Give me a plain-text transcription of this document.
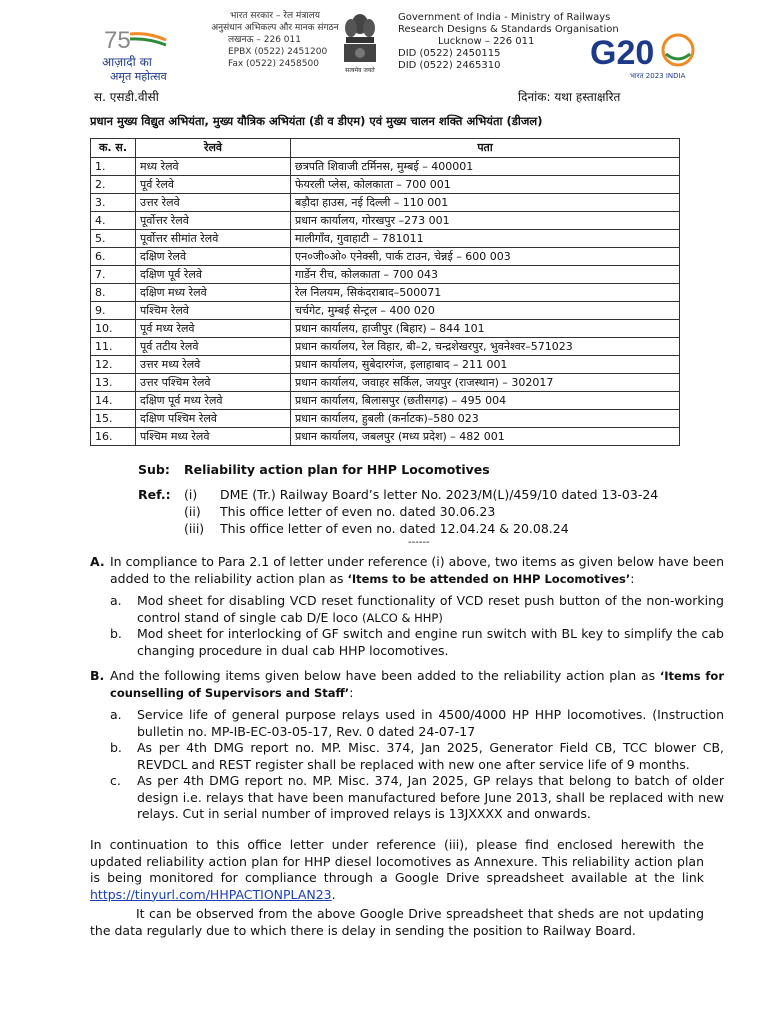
75
आज़ादी का
अमृत महोत्सव
भारत सरकार – रेल मंत्रालय
अनुसंधान अभिकल्प और मानक संगठन
लखनऊ – 226 011
EPBX (0522) 2451200
Fax (0522) 2458500
सत्यमेव जयते
Government of India - Ministry of Railways
Research Designs & Standards Organisation
Lucknow – 226 011
DID (0522) 2450115
DID (0522) 2465310	G20
भारत 2023 INDIA
स. एसडी.वीसी	दिनांक: यथा हस्ताक्षरित
प्रधान मुख्य विद्युत अभियंता, मुख्य यौत्रिक अभियंता (डी व डीएम) एवं मुख्य चालन शक्ति अभियंता (डीजल)
क. स.	रेलवे	पता
1.	मध्य रेलवे	छत्रपति शिवाजी टर्मिनस, मुम्बई – 400001
2.	पूर्व रेलवे	फेयरली प्लेस, कोलकाता – 700 001
3.	उत्तर रेलवे	बड़ौदा हाउस, नई दिल्ली – 110 001
4.	पूर्वोत्तर रेलवे	प्रधान कार्यालय, गोरखपुर –273 001
5.	पूर्वोत्तर सीमांत रेलवे	मालीगाँव, गुवाहाटी – 781011
6.	दक्षिण रेलवे	एन०जी०ओ० एनेक्सी, पार्क टाउन, चेन्नई – 600 003
7.	दक्षिण पूर्व रेलवे	गार्डेन रीच, कोलकाता – 700 043
8.	दक्षिण मध्य रेलवे	रेल निलयम, सिकंदराबाद–500071
9.	पश्चिम रेलवे	चर्चगेट, मुम्बई सेन्ट्रल – 400 020
10.	पूर्व मध्य रेलवे	प्रधान कार्यालय, हाजीपुर (बिहार) – 844 101
11.	पूर्व तटीय रेलवे	प्रधान कार्यालय, रेल विहार, बी–2, चन्द्रशेखरपुर, भुवनेश्वर–571023
12.	उत्तर मध्य रेलवे	प्रधान कार्यालय, सुबेदारगंज, इलाहाबाद – 211 001
13.	उत्तर पश्चिम रेलवे	प्रधान कार्यालय, जवाहर सर्किल, जयपुर (राजस्थान) – 302017
14.	दक्षिण पूर्व मध्य रेलवे	प्रधान कार्यालय, बिलासपुर (छतीसगढ़) – 495 004
15.	दक्षिण पश्चिम रेलवे	प्रधान कार्यालय, हुबली (कर्नाटक)–580 023
16.	पश्चिम मध्य रेलवे	प्रधान कार्यालय, जबलपुर (मध्य प्रदेश) – 482 001
Sub: Reliability action plan for HHP Locomotives
Ref.: (i) DME (Tr.) Railway Board’s letter No. 2023/M(L)/459/10 dated 13-03-24
(ii) This office letter of even no. dated 30.06.23
(iii) This office letter of even no. dated 12.04.24 & 20.08.24
------
A. In compliance to Para 2.1 of letter under reference (i) above, two items as given below have been added to the reliability action plan as ‘Items to be attended on HHP Locomotives’:
a. Mod sheet for disabling VCD reset functionality of VCD reset push button of the non-working control stand of single cab D/E loco (ALCO & HHP)
b. Mod sheet for interlocking of GF switch and engine run switch with BL key to simplify the cab changing procedure in dual cab HHP locomotives.
B. And the following items given below have been added to the reliability action plan as ‘Items for counselling of Supervisors and Staff’:
a. Service life of general purpose relays used in 4500/4000 HP HHP locomotives. (Instruction bulletin no. MP-IB-EC-03-05-17, Rev. 0 dated 24-07-17
b. As per 4th DMG report no. MP. Misc. 374, Jan 2025, Generator Field CB, TCC blower CB, REVDCL and REST register shall be replaced with new one after service life of 9 months.
c. As per 4th DMG report no. MP. Misc. 374, Jan 2025, GP relays that belong to batch of older design i.e. relays that have been manufactured before June 2013, shall be replaced with new relays. Cut in serial number of improved relays is 13JXXXX and onwards.
In continuation to this office letter under reference (iii), please find enclosed herewith the updated reliability action plan for HHP diesel locomotives as Annexure. This reliability action plan is being monitored for compliance through a Google Drive spreadsheet available at the link https://tinyurl.com/HHPACTIONPLAN23.
It can be observed from the above Google Drive spreadsheet that sheds are not updating the data regularly due to which there is delay in sending the position to Railway Board.
